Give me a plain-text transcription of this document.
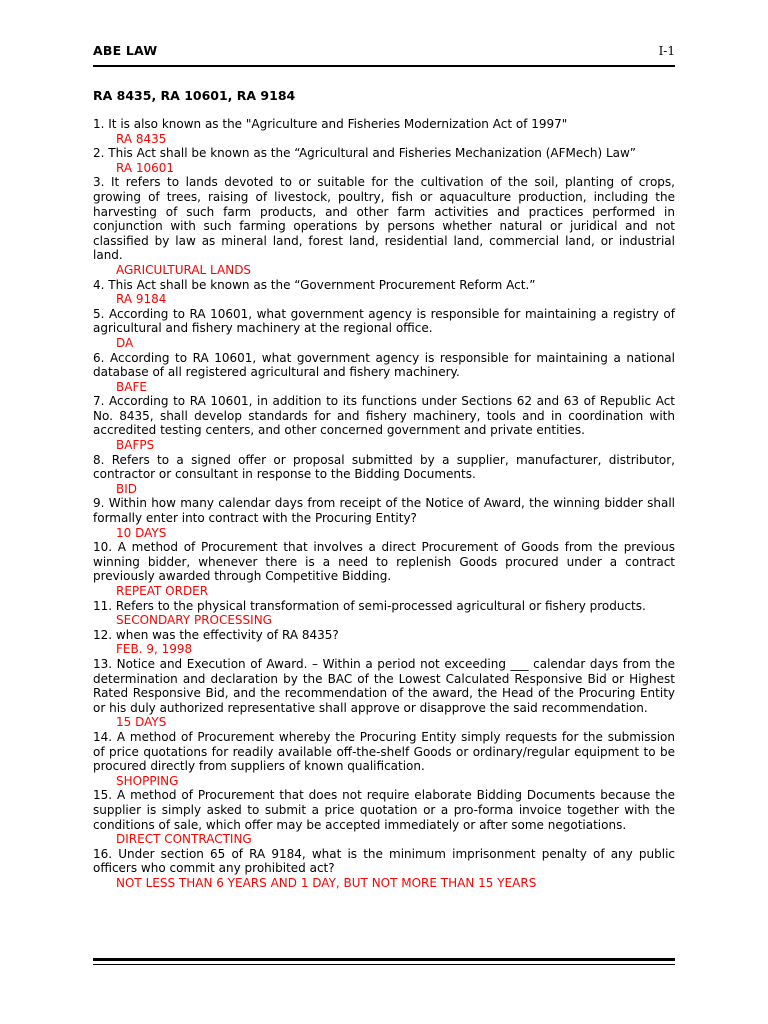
ABE LAW	I-1
RA 8435, RA 10601, RA 9184

1. It is also known as the "Agriculture and Fisheries Modernization Act of 1997"

RA 8435

2. This Act shall be known as the “Agricultural and Fisheries Mechanization (AFMech) Law”

RA 10601

3. It refers to lands devoted to or suitable for the cultivation of the soil, planting of crops, growing of trees, raising of livestock, poultry, fish or aquaculture production, including the harvesting of such farm products, and other farm activities and practices performed in conjunction with such farming operations by persons whether natural or juridical and not classified by law as mineral land, forest land, residential land, commercial land, or industrial land.

AGRICULTURAL LANDS

4. This Act shall be known as the “Government Procurement Reform Act.”

RA 9184

5. According to RA 10601, what government agency is responsible for maintaining a registry of agricultural and fishery machinery at the regional office.

DA

6. According to RA 10601, what government agency is responsible for maintaining a national database of all registered agricultural and fishery machinery.

BAFE

7. According to RA 10601, in addition to its functions under Sections 62 and 63 of Republic Act No. 8435, shall develop standards for and fishery machinery, tools and in coordination with accredited testing centers, and other concerned government and private entities.

BAFPS

8. Refers to a signed offer or proposal submitted by a supplier, manufacturer, distributor, contractor or consultant in response to the Bidding Documents.

BID

9. Within how many calendar days from receipt of the Notice of Award, the winning bidder shall formally enter into contract with the Procuring Entity?

10 DAYS

10. A method of Procurement that involves a direct Procurement of Goods from the previous winning bidder, whenever there is a need to replenish Goods procured under a contract previously awarded through Competitive Bidding.

REPEAT ORDER

11. Refers to the physical transformation of semi-processed agricultural or fishery products.

SECONDARY PROCESSING

12. when was the effectivity of RA 8435?

FEB. 9, 1998

13. Notice and Execution of Award. – Within a period not exceeding ___ calendar days from the determination and declaration by the BAC of the Lowest Calculated Responsive Bid or Highest Rated Responsive Bid, and the recommendation of the award, the Head of the Procuring Entity or his duly authorized representative shall approve or disapprove the said recommendation.

15 DAYS

14. A method of Procurement whereby the Procuring Entity simply requests for the submission of price quotations for readily available off-the-shelf Goods or ordinary/regular equipment to be procured directly from suppliers of known qualification.

SHOPPING

15. A method of Procurement that does not require elaborate Bidding Documents because the supplier is simply asked to submit a price quotation or a pro-forma invoice together with the conditions of sale, which offer may be accepted immediately or after some negotiations.

DIRECT CONTRACTING

16. Under section 65 of RA 9184, what is the minimum imprisonment penalty of any public officers who commit any prohibited act?

NOT LESS THAN 6 YEARS AND 1 DAY, BUT NOT MORE THAN 15 YEARS
